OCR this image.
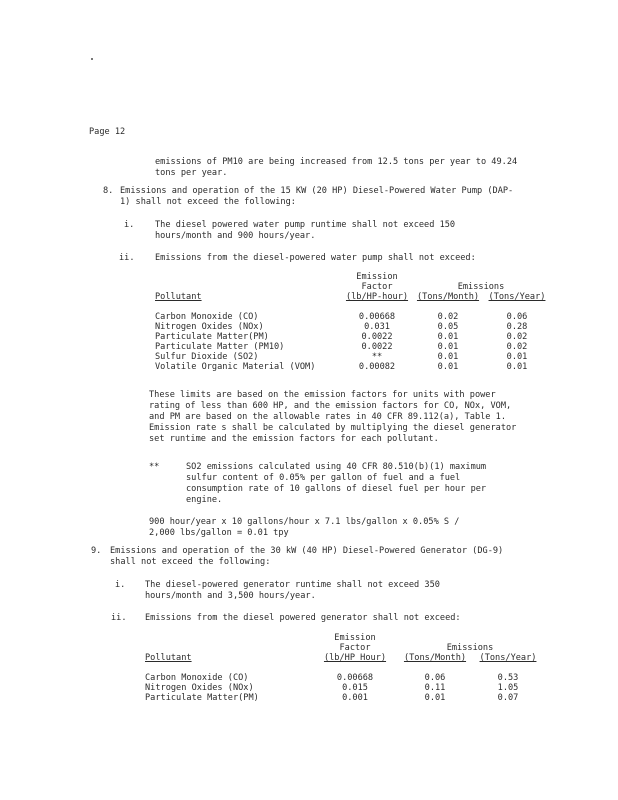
Page 12
emissions of PM10 are being increased from 12.5 tons per year to 49.24 tons per year.
8. Emissions and operation of the 15 KW (20 HP) Diesel-Powered Water Pump (DAP-1) shall not exceed the following:
i. The diesel powered water pump runtime shall not exceed 150 hours/month and 900 hours/year.
ii. Emissions from the diesel-powered water pump shall not exceed:
	Emission		
	Factor	Emissions	
Pollutant	(lb/HP-hour)	(Tons/Month)	(Tons/Year)

Carbon Monoxide (CO)	0.00668	0.02	0.06
Nitrogen Oxides (NOx)	0.031	0.05	0.28
Particulate Matter(PM)	0.0022	0.01	0.02
Particulate Matter (PM10)	0.0022	0.01	0.02
Sulfur Dioxide (SO2)	**	0.01	0.01
Volatile Organic Material (VOM)	0.00082	0.01	0.01
These limits are based on the emission factors for units with power rating of less than 600 HP, and the emission factors for CO, NOx, VOM, and PM are based on the allowable rates in 40 CFR 89.112(a), Table 1. Emission rate s shall be calculated by multiplying the diesel generator set runtime and the emission factors for each pollutant.
**	SO2 emissions calculated using 40 CFR 80.510(b)(1) maximum sulfur content of 0.05% per gallon of fuel and a fuel consumption rate of 10 gallons of diesel fuel per hour per engine.
900 hour/year x 10 gallons/hour x 7.1 lbs/gallon x 0.05% S /
2,000 lbs/gallon = 0.01 tpy
9. Emissions and operation of the 30 kW (40 HP) Diesel-Powered Generator (DG-9) shall not exceed the following:
i. The diesel-powered generator runtime shall not exceed 350 hours/month and 3,500 hours/year.
ii. Emissions from the diesel powered generator shall not exceed:
	Emission		
	Factor	Emissions	
Pollutant	(lb/HP Hour)	(Tons/Month)	(Tons/Year)

Carbon Monoxide (CO)	0.00668	0.06	0.53
Nitrogen Oxides (NOx)	0.015	0.11	1.05
Particulate Matter(PM)	0.001	0.01	0.07
